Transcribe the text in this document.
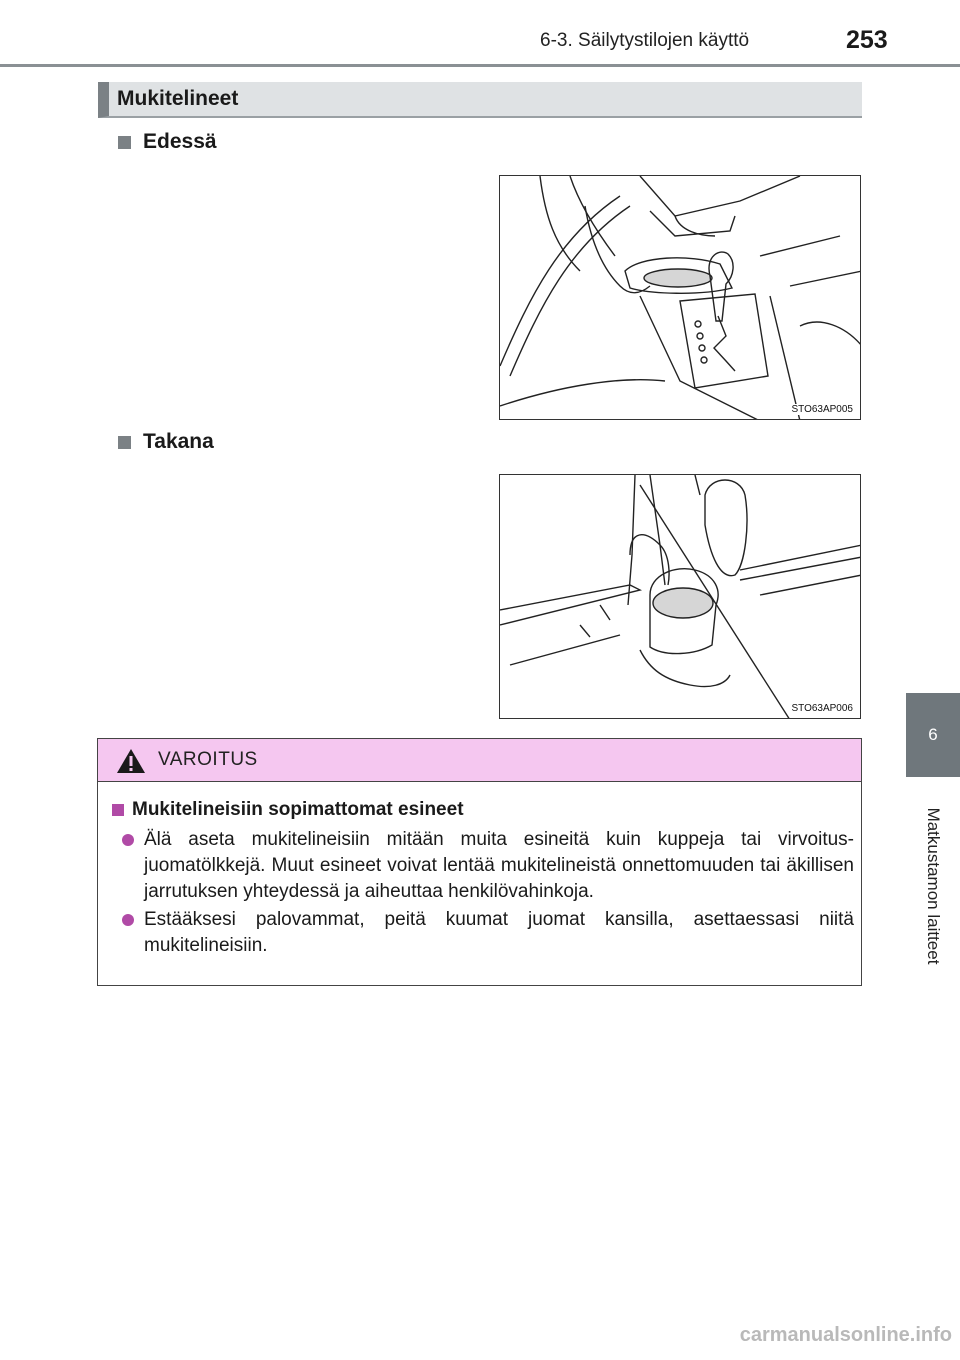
6-3. Säilytystilojen käyttö	253
6
Matkustamon laitteet
Mukitelineet
Edessä
STO63AP005
Takana
STO63AP006
VAROITUS
Mukitelineisiin sopimattomat esineet
Älä aseta mukitelineisiin mitään muita esineitä kuin kuppeja tai virvoitus-juomatölkkejä. Muut esineet voivat lentää mukitelineistä onnettomuuden tai äkillisen jarrutuksen yhteydessä ja aiheuttaa henkilövahinkoja.
Estääksesi palovammat, peitä kuumat juomat kansilla, asettaessasi niitä mukitelineisiin.
carmanualsonline.info
